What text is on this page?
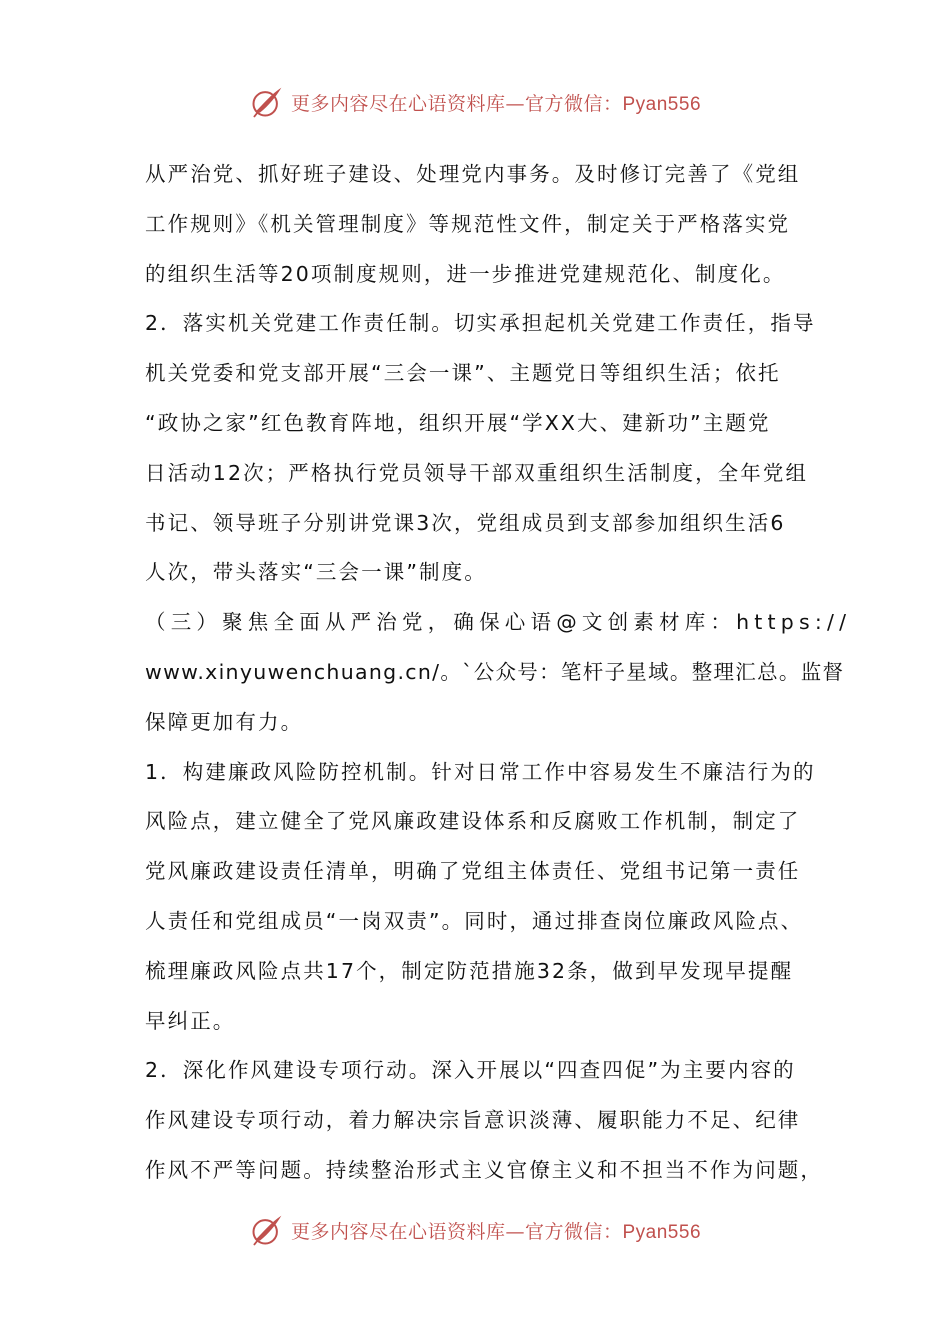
更多内容尽在心语资料库—官方微信：Pyan556
从严治党、抓好班子建设、处理党内事务。及时修订完善了《党组
工作规则》《机关管理制度》等规范性文件，制定关于严格落实党
的组织生活等20项制度规则，进一步推进党建规范化、制度化。
2．落实机关党建工作责任制。切实承担起机关党建工作责任，指导
机关党委和党支部开展“三会一课”、主题党日等组织生活；依托
“政协之家”红色教育阵地，组织开展“学XX大、建新功”主题党
日活动12次；严格执行党员领导干部双重组织生活制度，全年党组
书记、领导班子分别讲党课3次，党组成员到支部参加组织生活6
人次，带头落实“三会一课”制度。
（三）聚焦全面从严治党，确保心语@文创素材库：https://
www.xinyuwenchuang.cn/。`公众号：笔杆子星域。整理汇总。监督
保障更加有力。
1．构建廉政风险防控机制。针对日常工作中容易发生不廉洁行为的
风险点，建立健全了党风廉政建设体系和反腐败工作机制，制定了
党风廉政建设责任清单，明确了党组主体责任、党组书记第一责任
人责任和党组成员“一岗双责”。同时，通过排查岗位廉政风险点、
梳理廉政风险点共17个，制定防范措施32条，做到早发现早提醒
早纠正。
2．深化作风建设专项行动。深入开展以“四查四促”为主要内容的
作风建设专项行动，着力解决宗旨意识淡薄、履职能力不足、纪律
作风不严等问题。持续整治形式主义官僚主义和不担当不作为问题，
更多内容尽在心语资料库—官方微信：Pyan556
